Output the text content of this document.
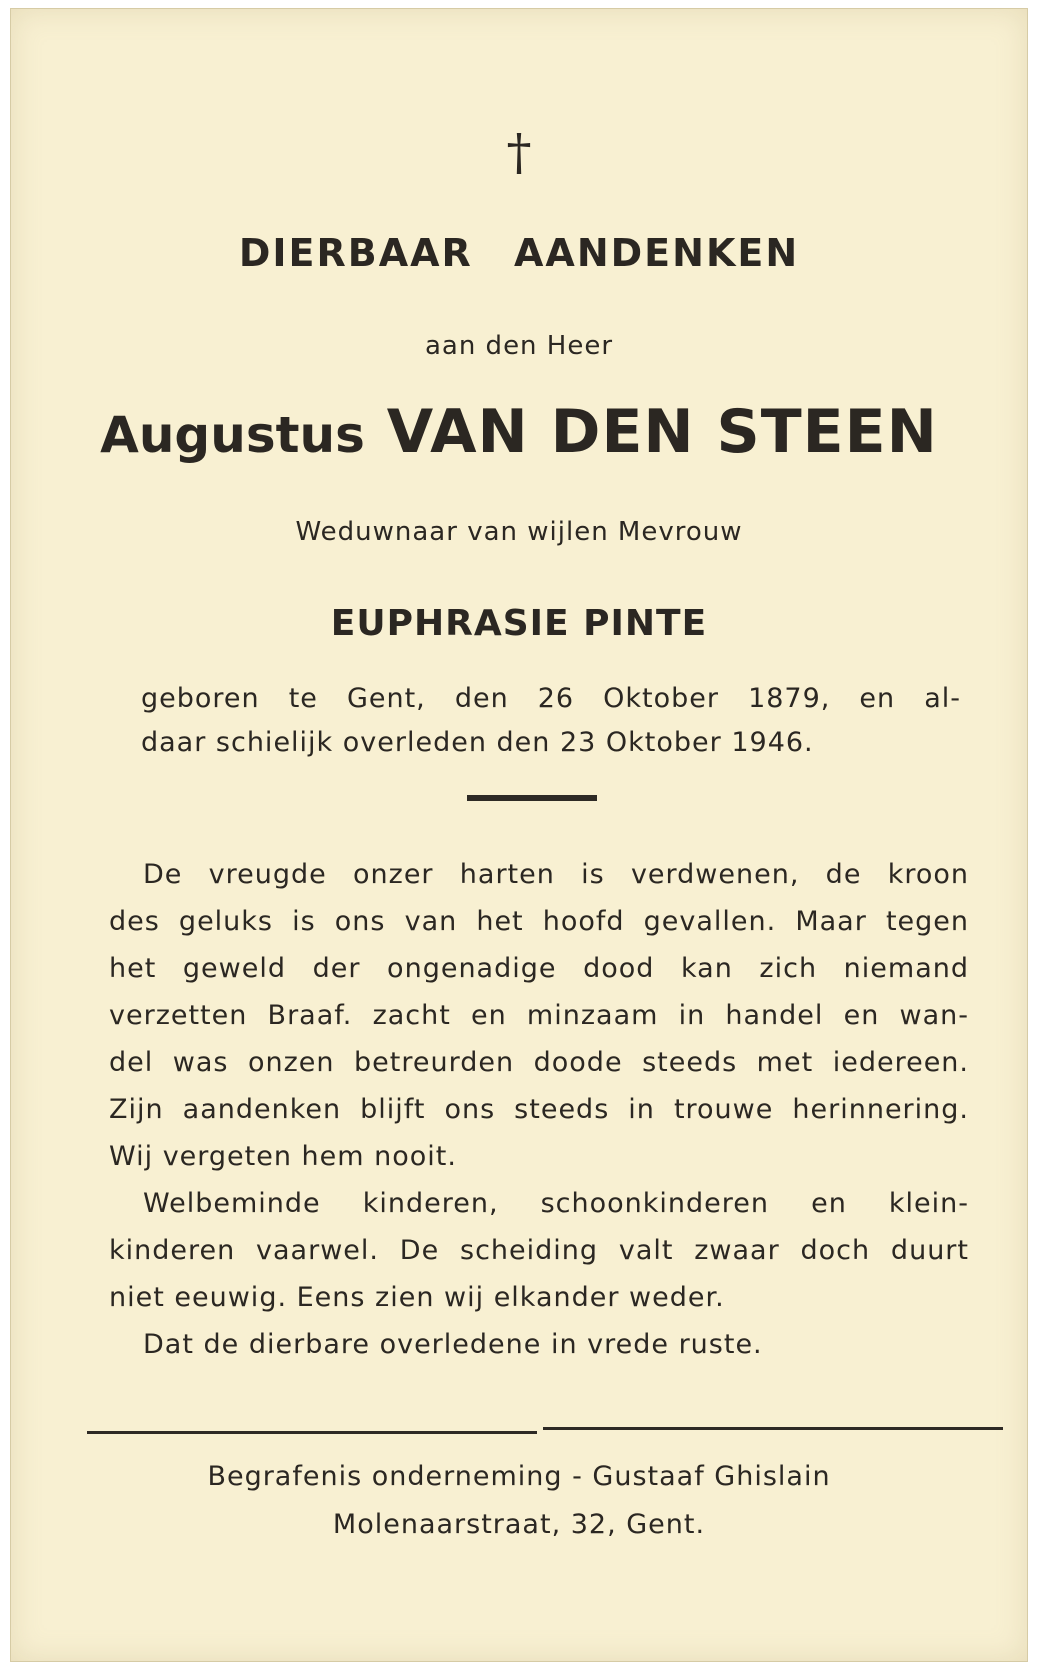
†
DIERBAAR AANDENKEN
aan den Heer
Augustus VAN DEN STEEN
Weduwnaar van wijlen Mevrouw
EUPHRASIE PINTE
geboren te Gent, den 26 Oktober 1879, en al-
daar schielijk overleden den 23 Oktober 1946.
De vreugde onzer harten is verdwenen, de kroon
des geluks is ons van het hoofd gevallen. Maar tegen
het geweld der ongenadige dood kan zich niemand
verzetten Braaf. zacht en minzaam in handel en wan-
del was onzen betreurden doode steeds met iedereen.
Zijn aandenken blijft ons steeds in trouwe herinnering.
Wij vergeten hem nooit.
Welbeminde kinderen, schoonkinderen en klein-
kinderen vaarwel. De scheiding valt zwaar doch duurt
niet eeuwig. Eens zien wij elkander weder.
Dat de dierbare overledene in vrede ruste.
Begrafenis onderneming - Gustaaf Ghislain
Molenaarstraat, 32, Gent.
